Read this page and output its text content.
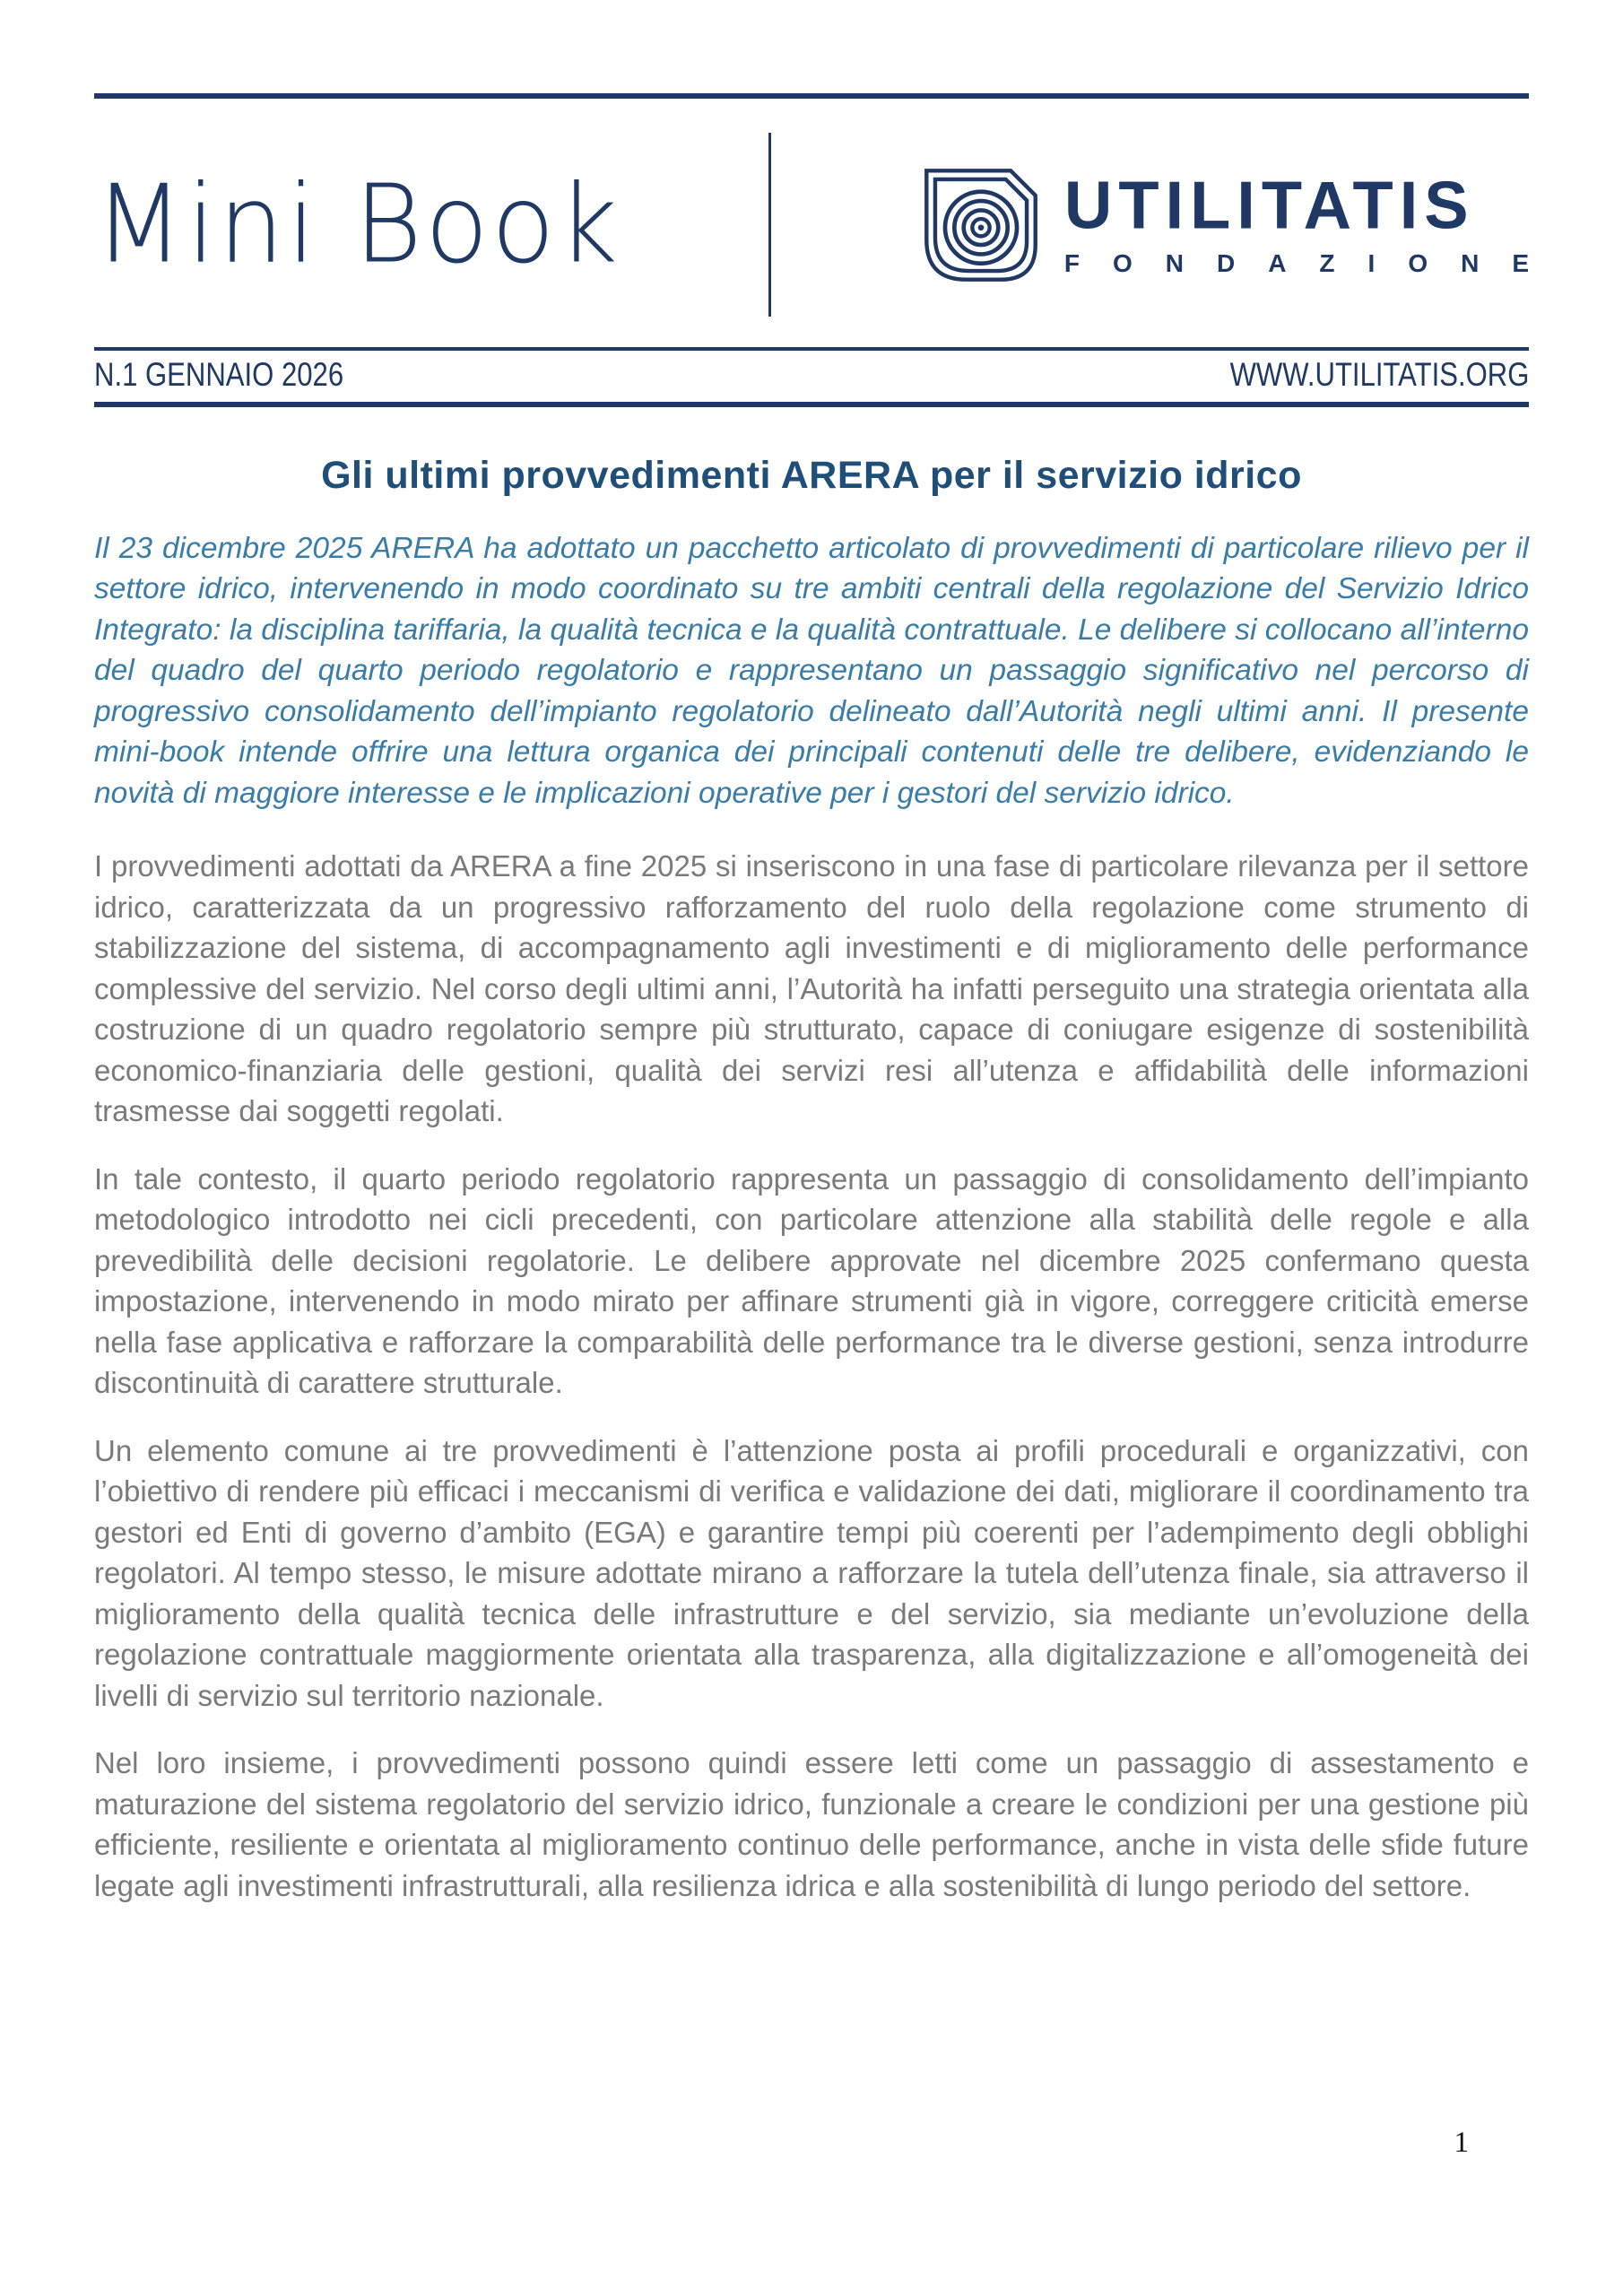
Mini Book	UTILITATIS
FONDAZIONE
N.1 GENNAIO 2026	WWW.UTILITATIS.ORG
Gli ultimi provvedimenti ARERA per il servizio idrico

Il 23 dicembre 2025 ARERA ha adottato un pacchetto articolato di provvedimenti di particolare rilievo per il settore idrico, intervenendo in modo coordinato su tre ambiti centrali della regolazione del Servizio Idrico Integrato: la disciplina tariffaria, la qualità tecnica e la qualità contrattuale. Le delibere si collocano all’interno del quadro del quarto periodo regolatorio e rappresentano un passaggio significativo nel percorso di progressivo consolidamento dell’impianto regolatorio delineato dall’Autorità negli ultimi anni. Il presente mini-book intende offrire una lettura organica dei principali contenuti delle tre delibere, evidenziando le novità di maggiore interesse e le implicazioni operative per i gestori del servizio idrico.

I provvedimenti adottati da ARERA a fine 2025 si inseriscono in una fase di particolare rilevanza per il settore idrico, caratterizzata da un progressivo rafforzamento del ruolo della regolazione come strumento di stabilizzazione del sistema, di accompagnamento agli investimenti e di miglioramento delle performance complessive del servizio. Nel corso degli ultimi anni, l’Autorità ha infatti perseguito una strategia orientata alla costruzione di un quadro regolatorio sempre più strutturato, capace di coniugare esigenze di sostenibilità economico-finanziaria delle gestioni, qualità dei servizi resi all’utenza e affidabilità delle informazioni trasmesse dai soggetti regolati.

In tale contesto, il quarto periodo regolatorio rappresenta un passaggio di consolidamento dell’impianto metodologico introdotto nei cicli precedenti, con particolare attenzione alla stabilità delle regole e alla prevedibilità delle decisioni regolatorie. Le delibere approvate nel dicembre 2025 confermano questa impostazione, intervenendo in modo mirato per affinare strumenti già in vigore, correggere criticità emerse nella fase applicativa e rafforzare la comparabilità delle performance tra le diverse gestioni, senza introdurre discontinuità di carattere strutturale.

Un elemento comune ai tre provvedimenti è l’attenzione posta ai profili procedurali e organizzativi, con l’obiettivo di rendere più efficaci i meccanismi di verifica e validazione dei dati, migliorare il coordinamento tra gestori ed Enti di governo d’ambito (EGA) e garantire tempi più coerenti per l’adempimento degli obblighi regolatori. Al tempo stesso, le misure adottate mirano a rafforzare la tutela dell’utenza finale, sia attraverso il miglioramento della qualità tecnica delle infrastrutture e del servizio, sia mediante un’evoluzione della regolazione contrattuale maggiormente orientata alla trasparenza, alla digitalizzazione e all’omogeneità dei livelli di servizio sul territorio nazionale.

Nel loro insieme, i provvedimenti possono quindi essere letti come un passaggio di assestamento e maturazione del sistema regolatorio del servizio idrico, funzionale a creare le condizioni per una gestione più efficiente, resiliente e orientata al miglioramento continuo delle performance, anche in vista delle sfide future legate agli investimenti infrastrutturali, alla resilienza idrica e alla sostenibilità di lungo periodo del settore.

1
